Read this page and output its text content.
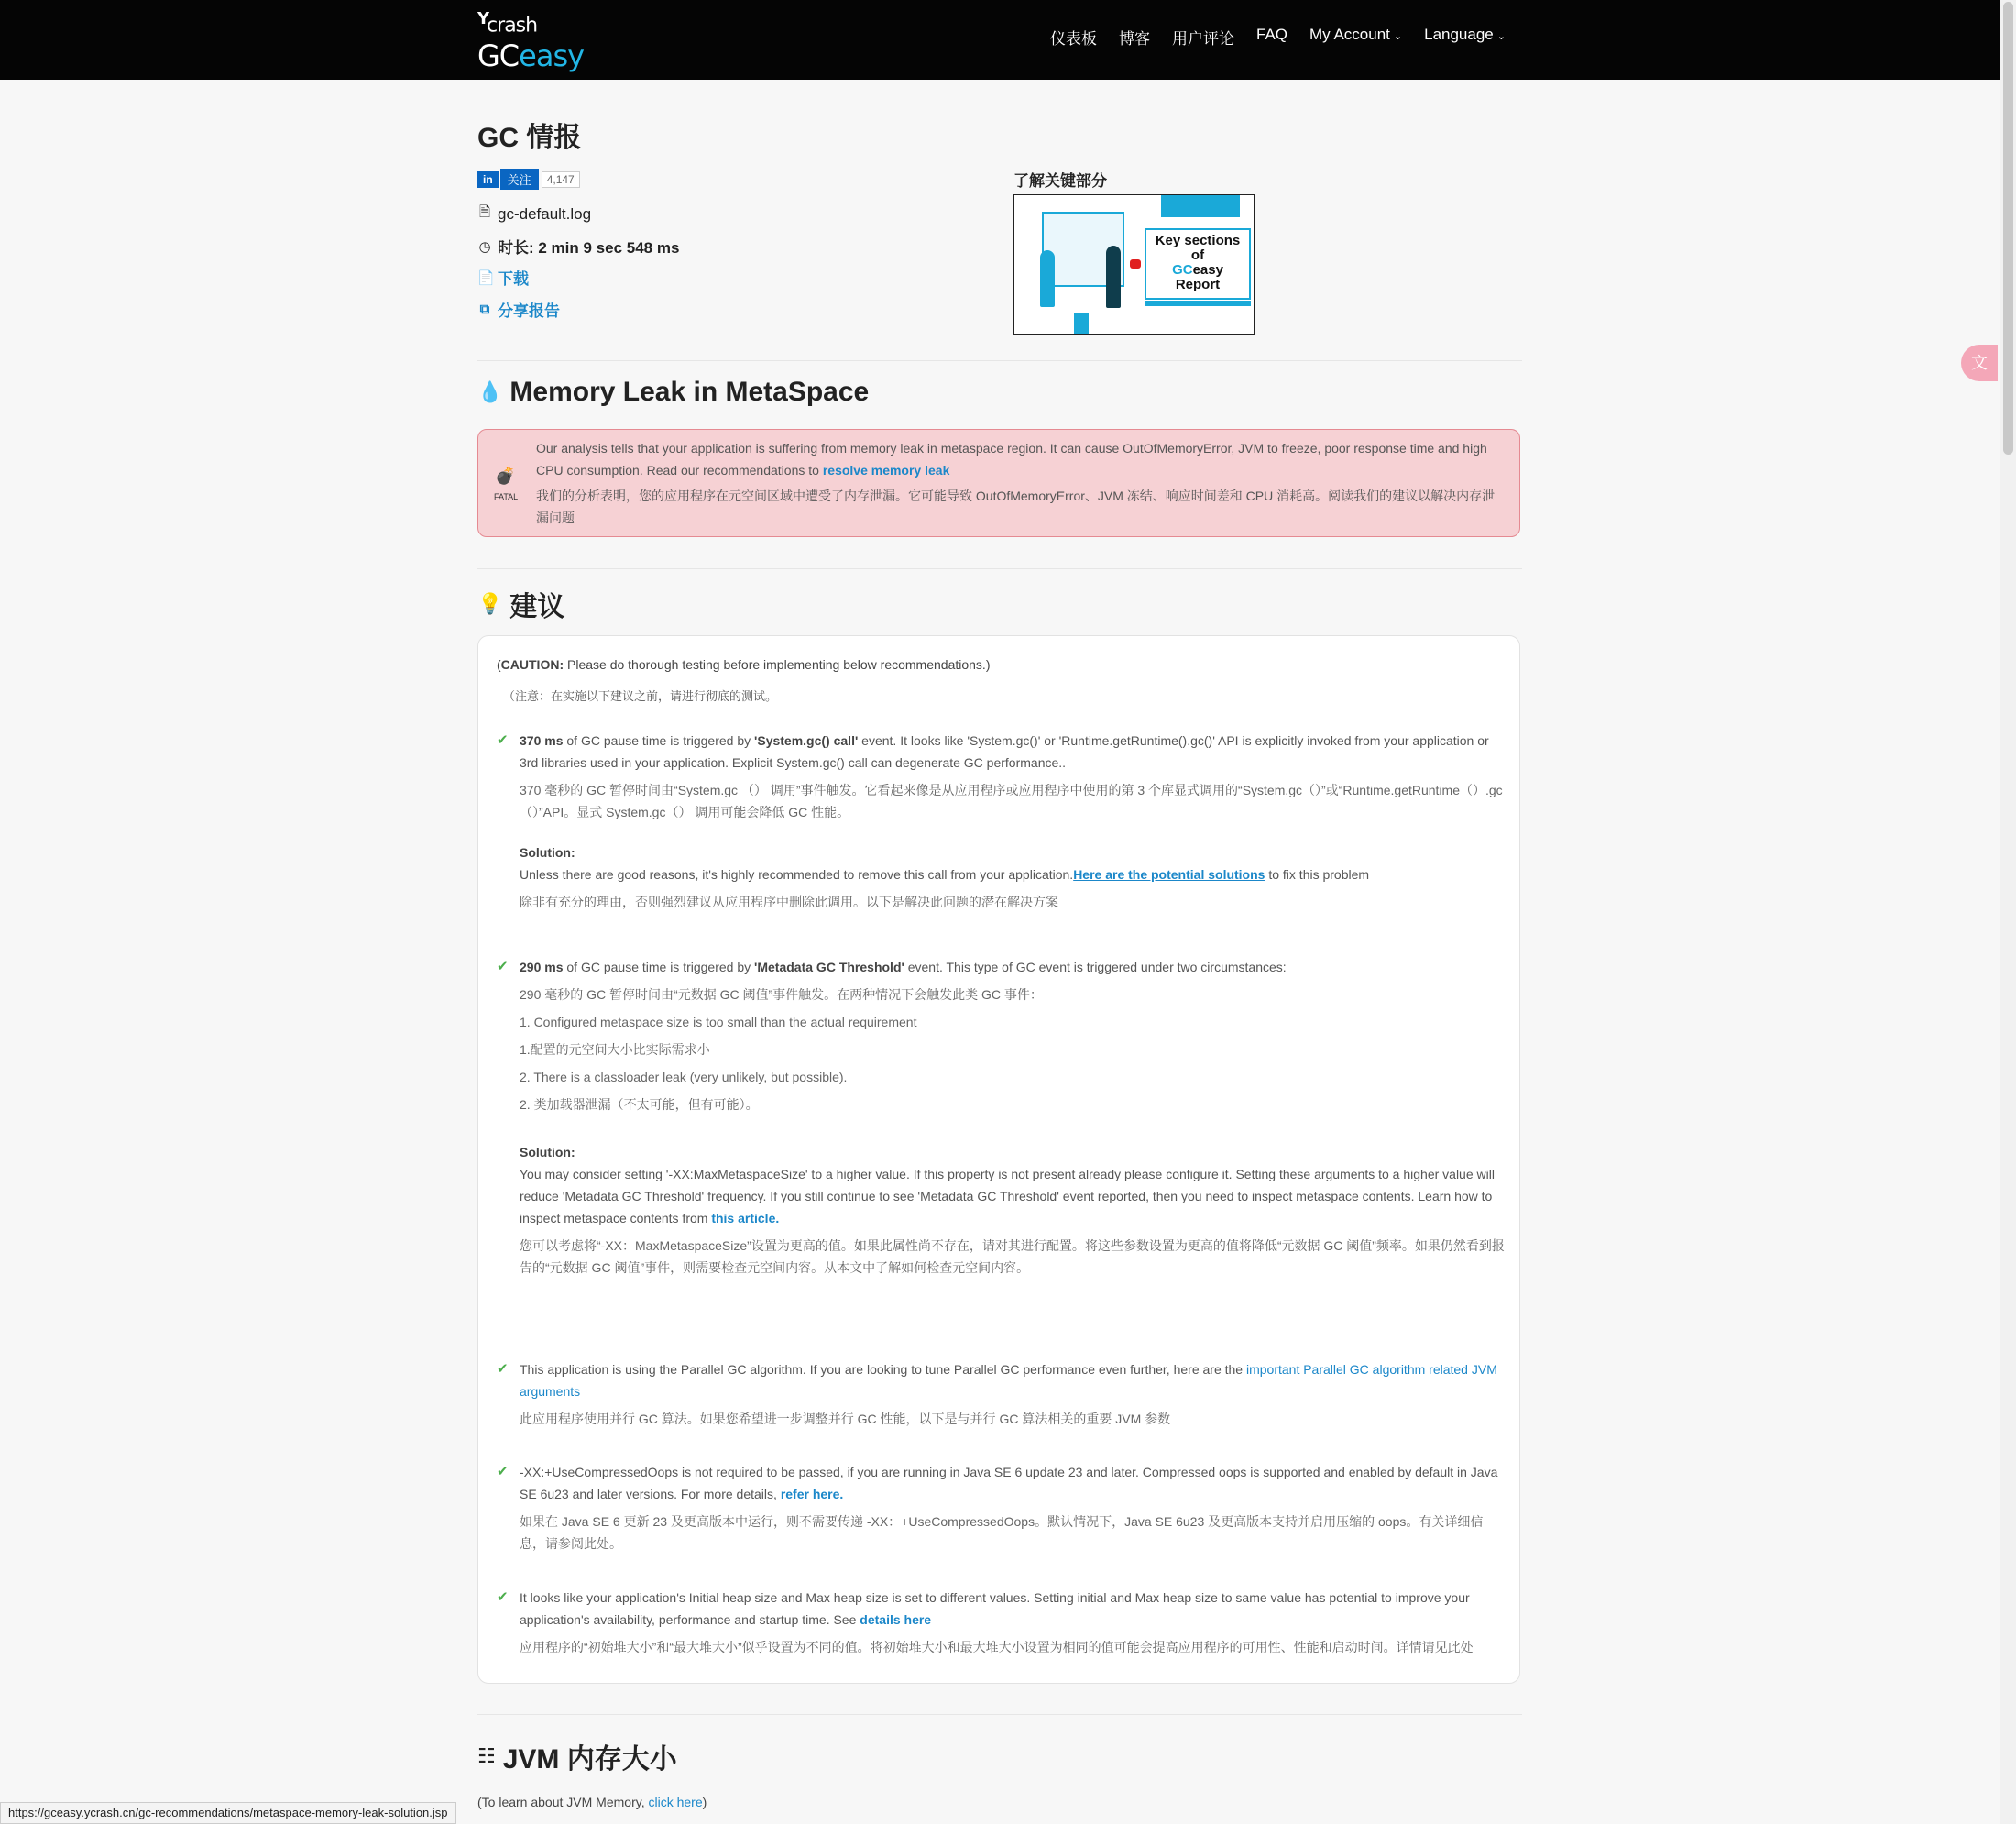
$^Y$crash
GCeasy	仪表板	博客	用户评论	FAQ	My Account ⌄	Language ⌄
文
GC 情报
in	关注	4,147
🗎 gc-default.log
◷ 时长: 2 min 9 sec 548 ms
📄 下载
⧉ 分享报告
了解关键部分
Key sections
of
GCeasy
Report
💧 Memory Leak in MetaSpace
💣
FATAL
Our analysis tells that your application is suffering from memory leak in metaspace region. It can cause OutOfMemoryError, JVM to freeze, poor response time and high CPU consumption. Read our recommendations to resolve memory leak
我们的分析表明，您的应用程序在元空间区域中遭受了内存泄漏。它可能导致 OutOfMemoryError、JVM 冻结、响应时间差和 CPU 消耗高。阅读我们的建议以解决内存泄漏问题
💡 建议
(CAUTION: Please do thorough testing before implementing below recommendations.)
（注意：在实施以下建议之前，请进行彻底的测试。
✔ 370 ms of GC pause time is triggered by 'System.gc() call' event. It looks like 'System.gc()' or 'Runtime.getRuntime().gc()' API is explicitly invoked from your application or 3rd libraries used in your application. Explicit System.gc() call can degenerate GC performance..

370 毫秒的 GC 暂停时间由“System.gc （） 调用”事件触发。它看起来像是从应用程序或应用程序中使用的第 3 个库显式调用的“System.gc（）”或“Runtime.getRuntime（）.gc（）”API。显式 System.gc（） 调用可能会降低 GC 性能。

Solution:

Unless there are good reasons, it's highly recommended to remove this call from your application.Here are the potential solutions to fix this problem

除非有充分的理由，否则强烈建议从应用程序中删除此调用。以下是解决此问题的潜在解决方案

✔ 290 ms of GC pause time is triggered by 'Metadata GC Threshold' event. This type of GC event is triggered under two circumstances:

290 毫秒的 GC 暂停时间由“元数据 GC 阈值”事件触发。在两种情况下会触发此类 GC 事件：

1. Configured metaspace size is too small than the actual requirement

1.配置的元空间大小比实际需求小

2. There is a classloader leak (very unlikely, but possible).

2. 类加载器泄漏（不太可能，但有可能）。

Solution:

You may consider setting '-XX:MaxMetaspaceSize' to a higher value. If this property is not present already please configure it. Setting these arguments to a higher value will reduce 'Metadata GC Threshold' frequency. If you still continue to see 'Metadata GC Threshold' event reported, then you need to inspect metaspace contents. Learn how to inspect metaspace contents from this article.

您可以考虑将“-XX：MaxMetaspaceSize”设置为更高的值。如果此属性尚不存在，请对其进行配置。将这些参数设置为更高的值将降低“元数据 GC 阈值”频率。如果仍然看到报告的“元数据 GC 阈值”事件，则需要检查元空间内容。从本文中了解如何检查元空间内容。

✔ This application is using the Parallel GC algorithm. If you are looking to tune Parallel GC performance even further, here are the important Parallel GC algorithm related JVM arguments

此应用程序使用并行 GC 算法。如果您希望进一步调整并行 GC 性能，以下是与并行 GC 算法相关的重要 JVM 参数

✔ -XX:+UseCompressedOops is not required to be passed, if you are running in Java SE 6 update 23 and later. Compressed oops is supported and enabled by default in Java SE 6u23 and later versions. For more details, refer here.

如果在 Java SE 6 更新 23 及更高版本中运行，则不需要传递 -XX：+UseCompressedOops。默认情况下，Java SE 6u23 及更高版本支持并启用压缩的 oops。有关详细信息，请参阅此处。

✔ It looks like your application's Initial heap size and Max heap size is set to different values. Setting initial and Max heap size to same value has potential to improve your application's availability, performance and startup time. See details here

应用程序的“初始堆大小”和“最大堆大小”似乎设置为不同的值。将初始堆大小和最大堆大小设置为相同的值可能会提高应用程序的可用性、性能和启动时间。详情请见此处

☷ JVM 内存大小
(To learn about JVM Memory, click here)
https://gceasy.ycrash.cn/gc-recommendations/metaspace-memory-leak-solution.jsp
